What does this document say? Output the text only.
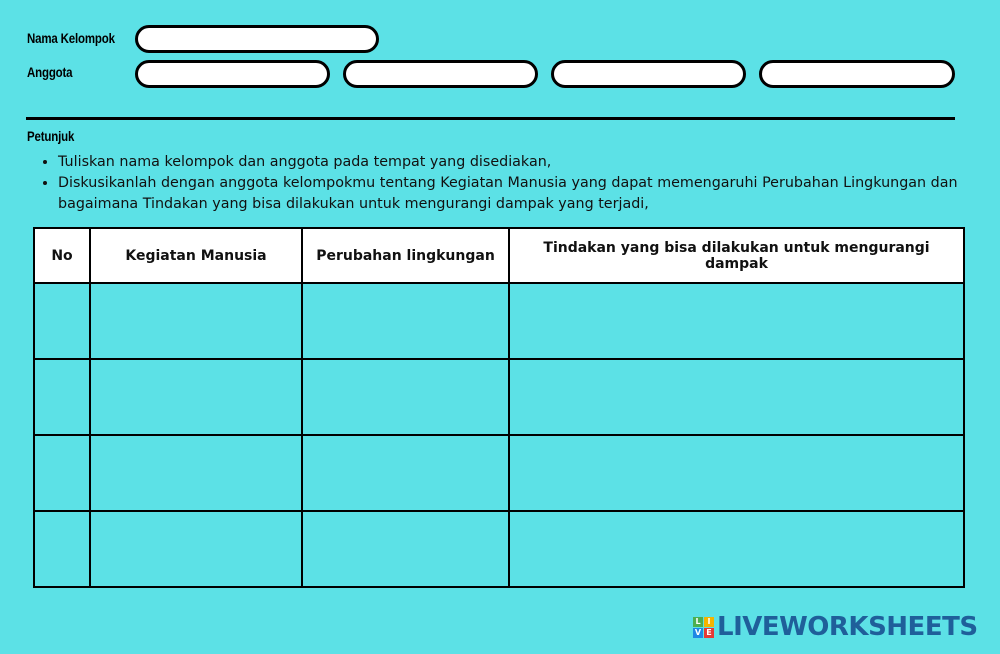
Nama Kelompok
Anggota
Petunjuk
• Tuliskan nama kelompok dan anggota pada tempat yang disediakan,
• Diskusikanlah dengan anggota kelompokmu tentang Kegiatan Manusia yang dapat memengaruhi Perubahan Lingkungan dan bagaimana Tindakan yang bisa dilakukan untuk mengurangi dampak yang terjadi,
No	Kegiatan Manusia	Perubahan lingkungan	Tindakan yang bisa dilakukan untuk mengurangi dampak

L I
V E LIVEWORKSHEETS
